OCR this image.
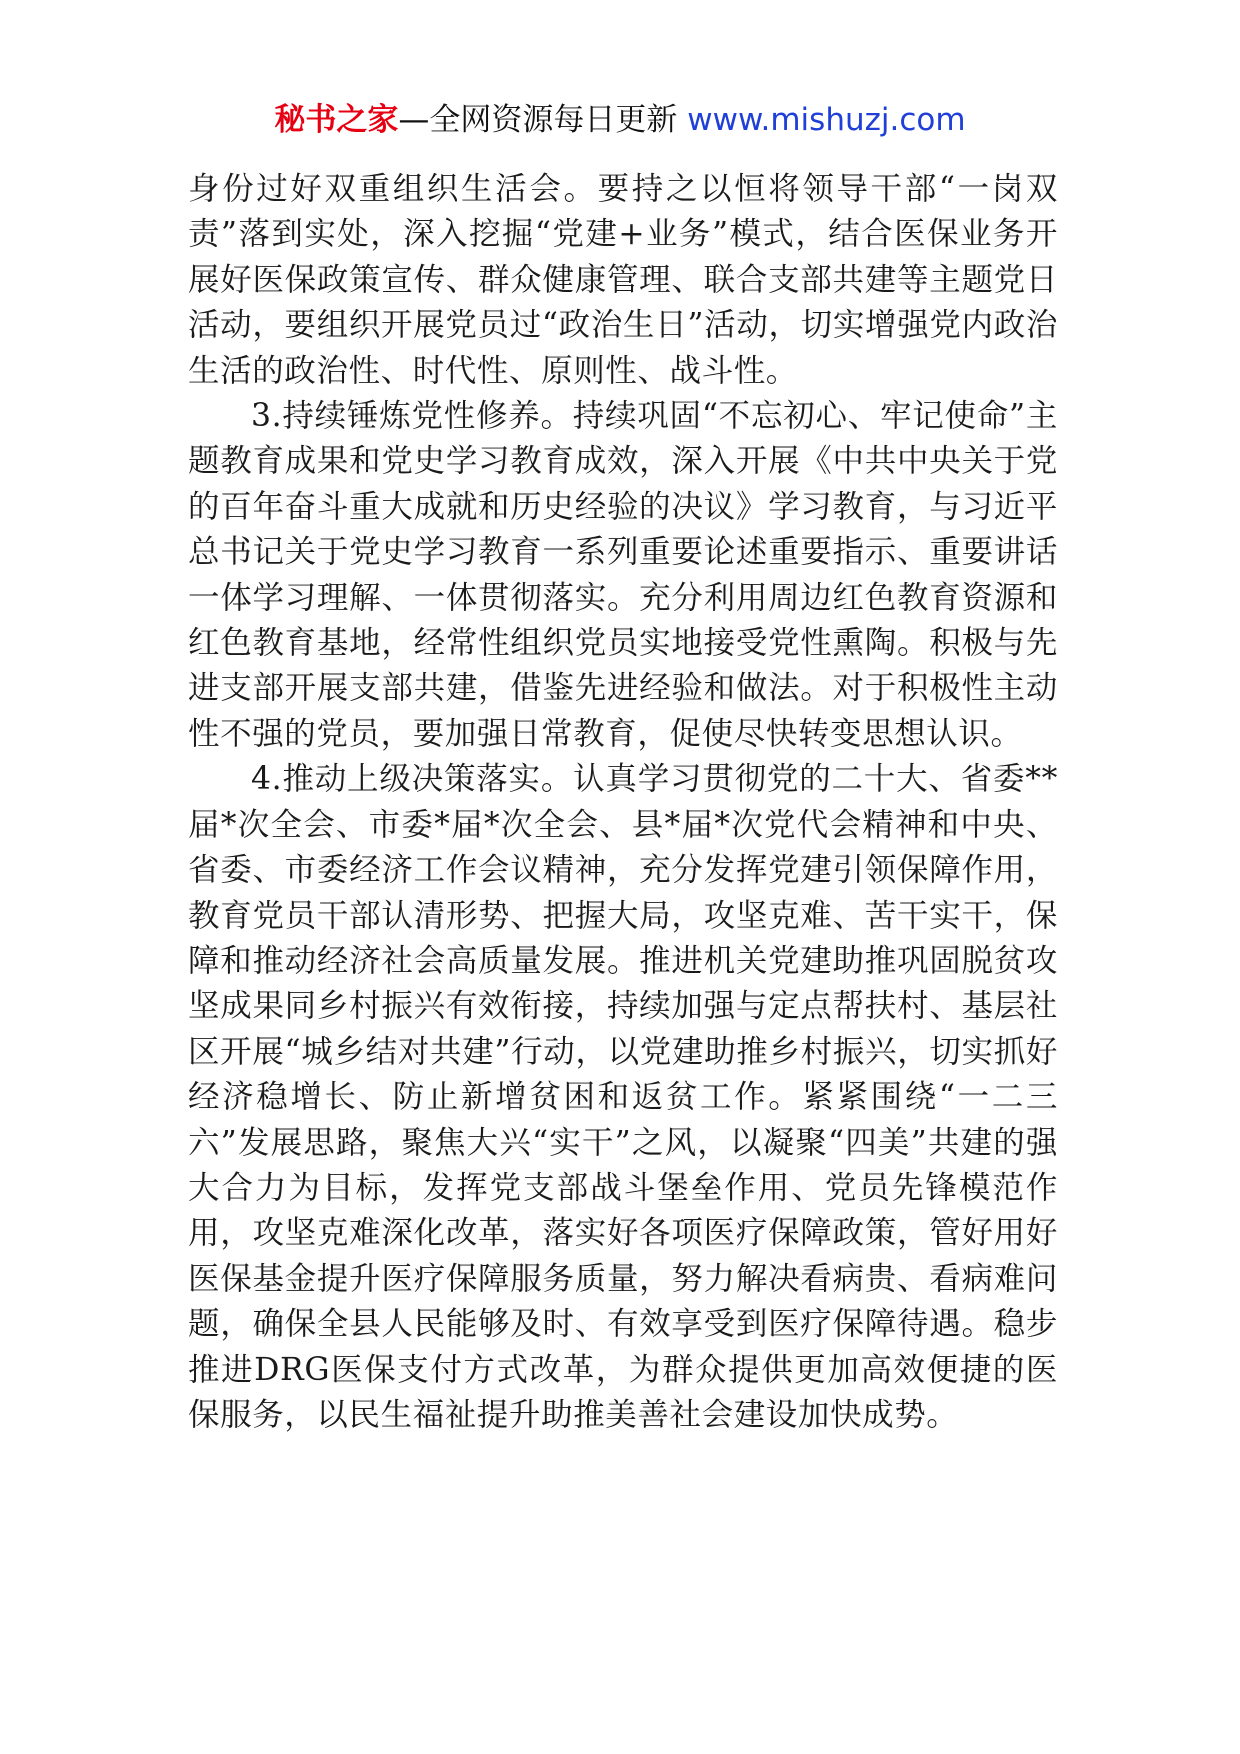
秘书之家—全网资源每日更新 www.mishuzj.com

身份过好双重组织生活会。要持之以恒将领导干部“一岗双责”落到实处，深入挖掘“党建+业务”模式，结合医保业务开展好医保政策宣传、群众健康管理、联合支部共建等主题党日活动，要组织开展党员过“政治生日”活动，切实增强党内政治生活的政治性、时代性、原则性、战斗性。

3.持续锤炼党性修养。持续巩固“不忘初心、牢记使命”主题教育成果和党史学习教育成效，深入开展《中共中央关于党的百年奋斗重大成就和历史经验的决议》学习教育，与习近平总书记关于党史学习教育一系列重要论述重要指示、重要讲话一体学习理解、一体贯彻落实。充分利用周边红色教育资源和红色教育基地，经常性组织党员实地接受党性熏陶。积极与先进支部开展支部共建，借鉴先进经验和做法。对于积极性主动性不强的党员，要加强日常教育，促使尽快转变思想认识。

4.推动上级决策落实。认真学习贯彻党的二十大、省委**届*次全会、市委*届*次全会、县*届*次党代会精神和中央、省委、市委经济工作会议精神，充分发挥党建引领保障作用，教育党员干部认清形势、把握大局，攻坚克难、苦干实干，保障和推动经济社会高质量发展。推进机关党建助推巩固脱贫攻坚成果同乡村振兴有效衔接，持续加强与定点帮扶村、基层社区开展“城乡结对共建”行动，以党建助推乡村振兴，切实抓好经济稳增长、防止新增贫困和返贫工作。紧紧围绕“一二三六”发展思路，聚焦大兴“实干”之风，以凝聚“四美”共建的强大合力为目标，发挥党支部战斗堡垒作用、党员先锋模范作用，攻坚克难深化改革，落实好各项医疗保障政策，管好用好医保基金提升医疗保障服务质量，努力解决看病贵、看病难问题，确保全县人民能够及时、有效享受到医疗保障待遇。稳步推进DRG医保支付方式改革，为群众提供更加高效便捷的医保服务，以民生福祉提升助推美善社会建设加快成势。
